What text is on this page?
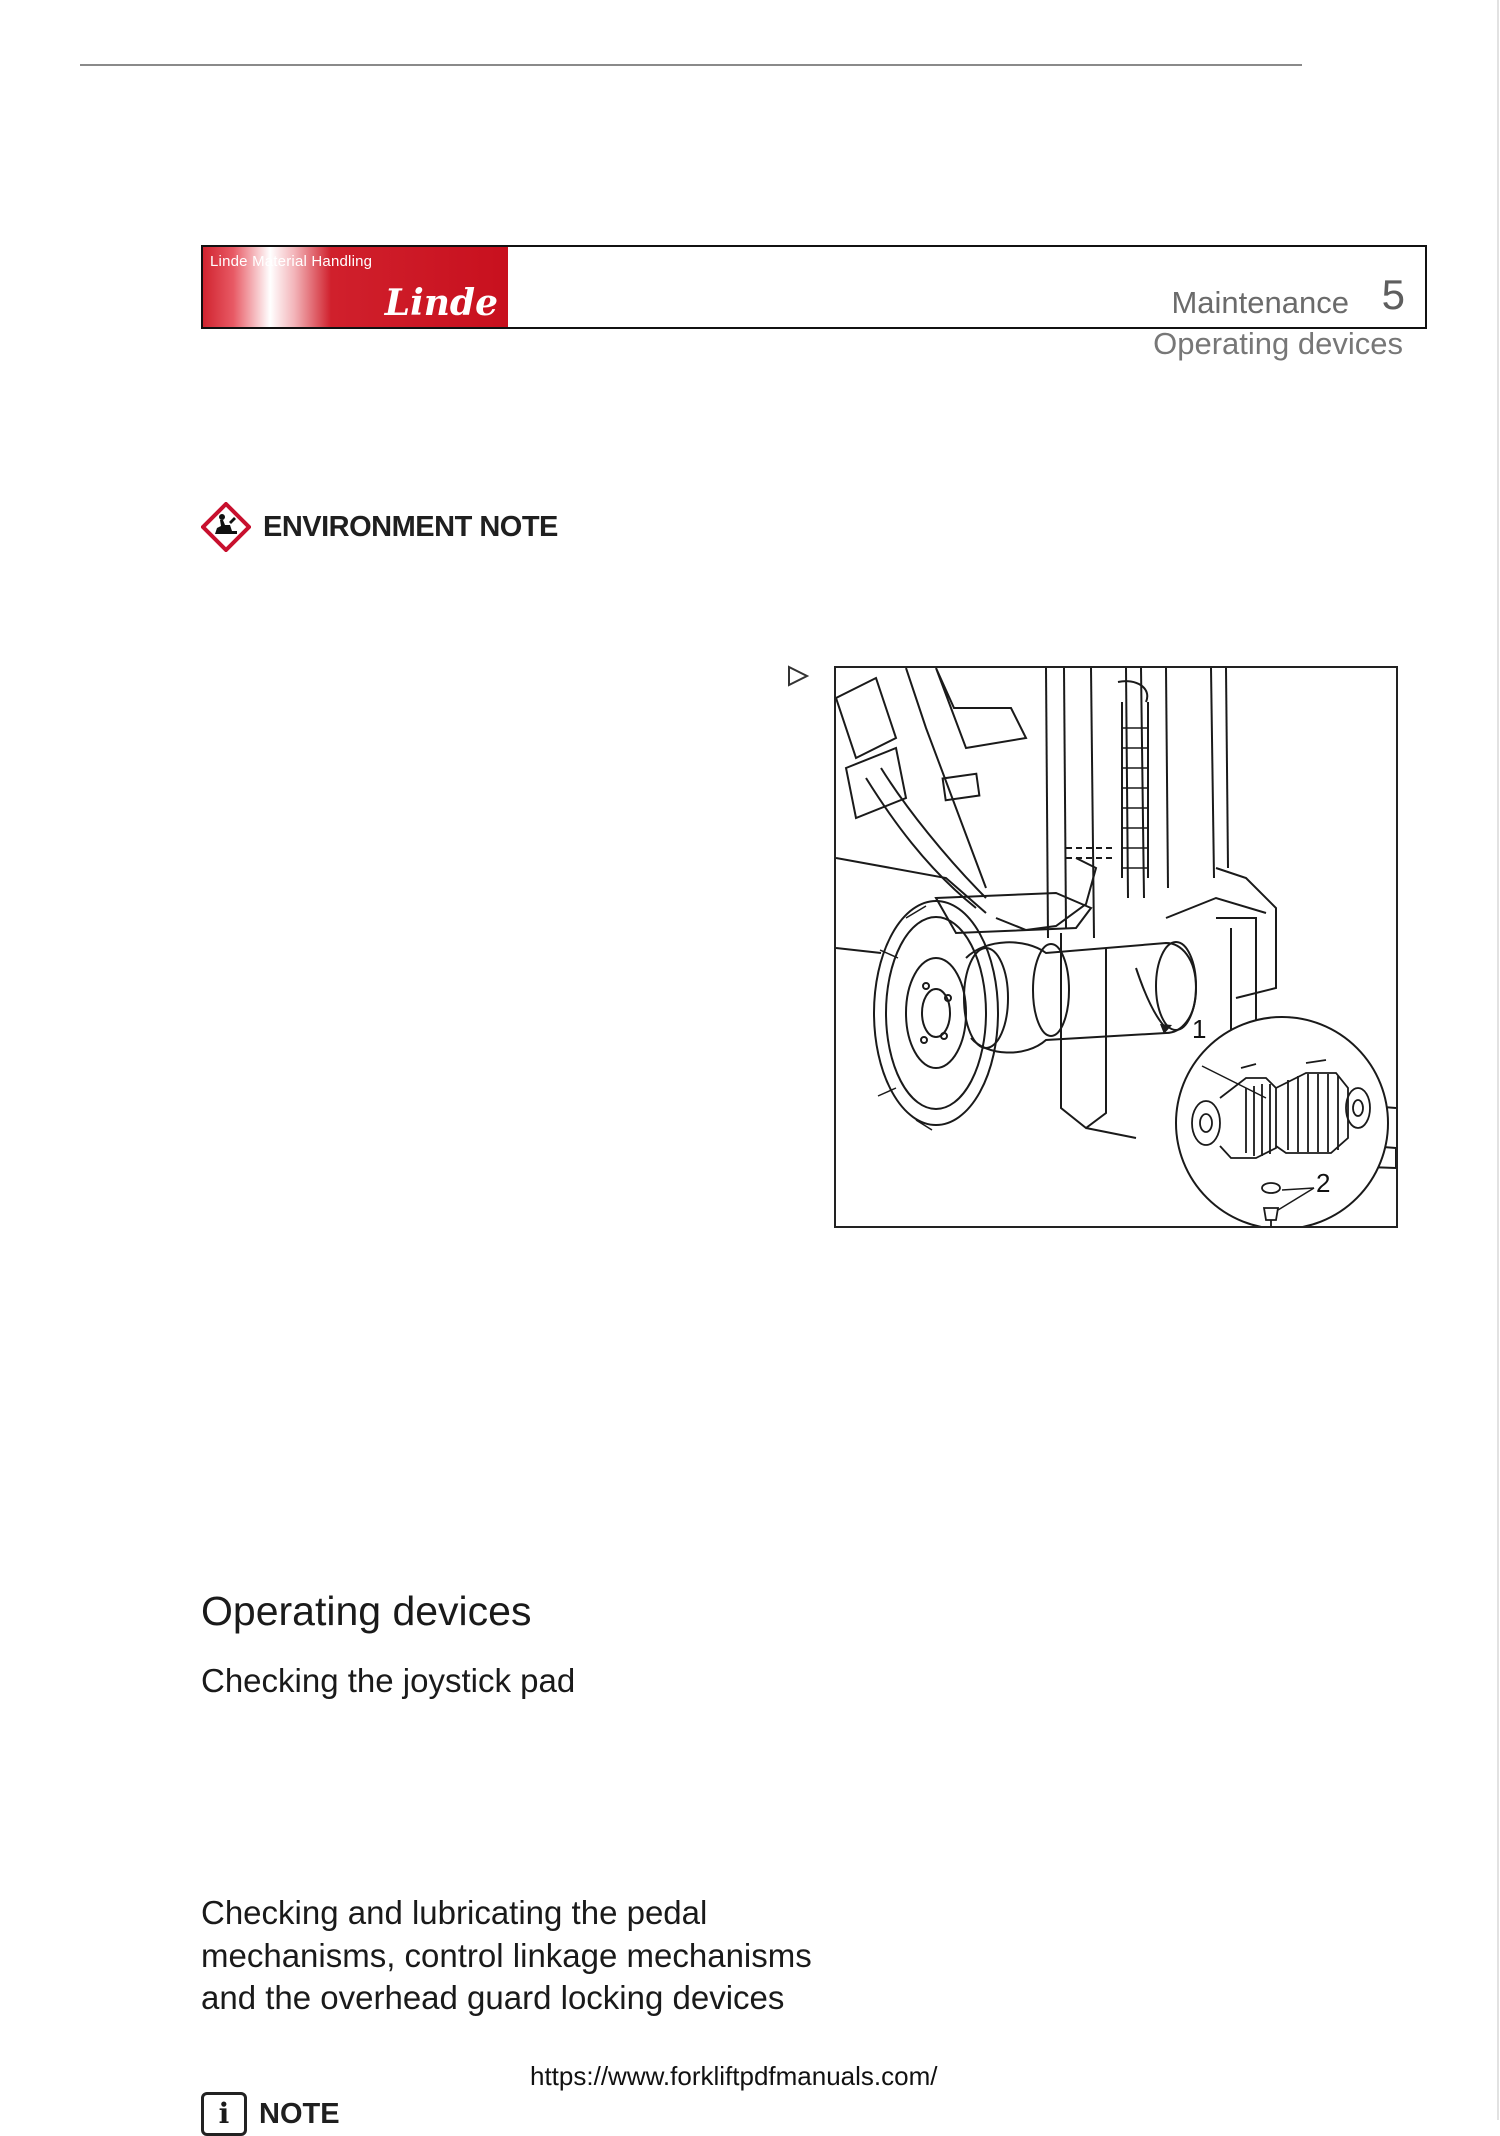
Linde Material Handling
Linde	Maintenance 5
Operating devices
ENVIRONMENT NOTE
1
2
Operating devices
Checking the joystick pad
Checking and lubricating the pedal mechanisms, control linkage mechanisms and the overhead guard locking devices
https://www.forkliftpdfmanuals.com/
i	NOTE
